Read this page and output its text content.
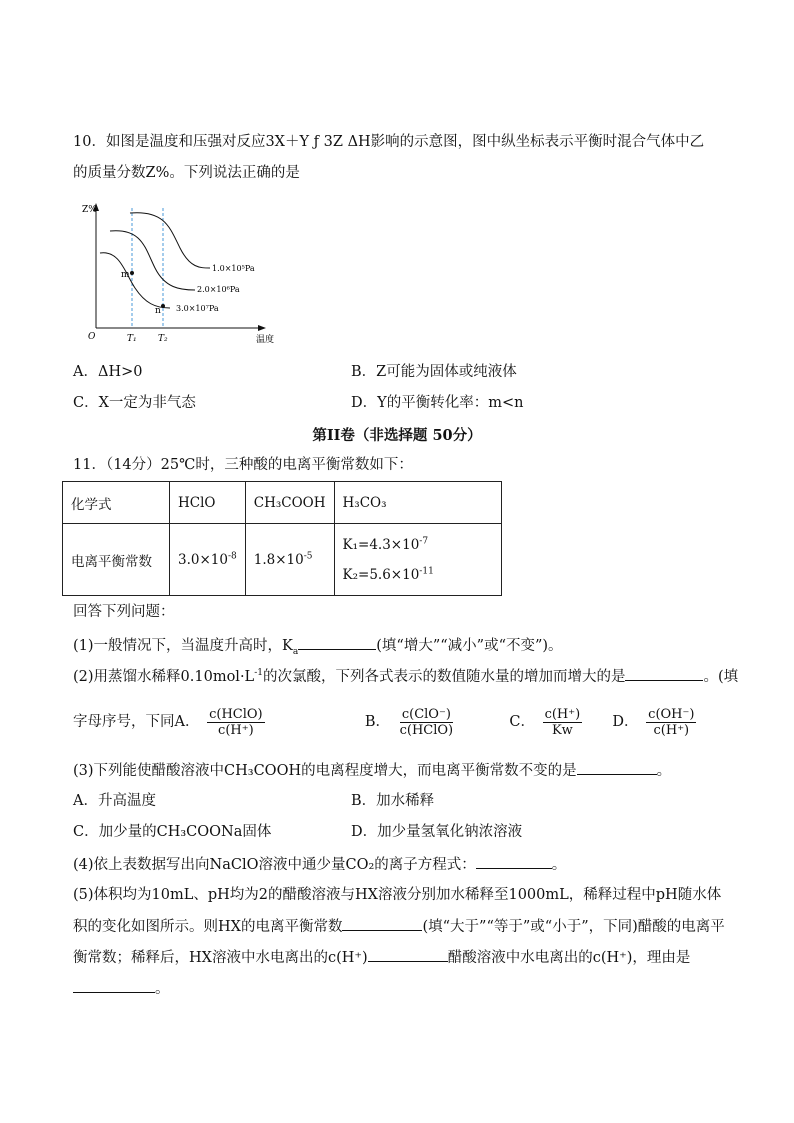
10．如图是温度和压强对反应3X＋Y ƒ 3Z ΔH影响的示意图，图中纵坐标表示平衡时混合气体中乙
的质量分数Z%。下列说法正确的是
Z%
温度
O	T₁ T₂
1.0×10⁵Pa
2.0×10⁶Pa
3.0×10⁷Pa
m
n
A．ΔH>0	B．Z可能为固体或纯液体
C．X一定为非气态	D．Y的平衡转化率：m<n
第II卷（非选择题 50分）
11．（14分）25℃时，三种酸的电离平衡常数如下：
化学式	HClO	CH₃COOH	H₃CO₃
电离平衡常数	$3.0\times 10^{-8}$	$1.8\times 10^{-5}$	$K_1=4.3\times 10^{-7}$
$K_2=5.6\times 10^{-11}$
回答下列问题：
(1)一般情况下，当温度升高时，$K_a$	(填“增大”“减小”或“不变”)。
(2)用蒸馏水稀释$0.10mol\cdot L^{-1}$的次氯酸，下列各式表示的数值随水量的增加而增大的是	。(填
字母序号，下同A． $\frac{\text{c(HClO)}}{c(H^+)}$	B． $\frac{\text{c(ClO⁻)}}{\text{c(HClO)}}$	C． $\frac{c(H^+)}{Kw}$ D． $\frac{c(OH^-)}{c(H^+)}$
(3)下列能使醋酸溶液中CH₃COOH的电离程度增大，而电离平衡常数不变的是	。
A．升高温度	B．加水稀释
C．加少量的CH₃COONa固体	D．加少量氢氧化钠浓溶液
(4)依上表数据写出向NaClO溶液中通少量CO₂的离子方程式：	。
(5)体积均为10mL、pH均为2的醋酸溶液与HX溶液分别加水稀释至1000mL，稀释过程中pH随水体
积的变化如图所示。则HX的电离平衡常数	(填“大于”“等于”或“小于”，下同)醋酸的电离平
衡常数；稀释后，HX溶液中水电离出的c(H⁺)	醋酸溶液中水电离出的c(H⁺)，理由是
。
